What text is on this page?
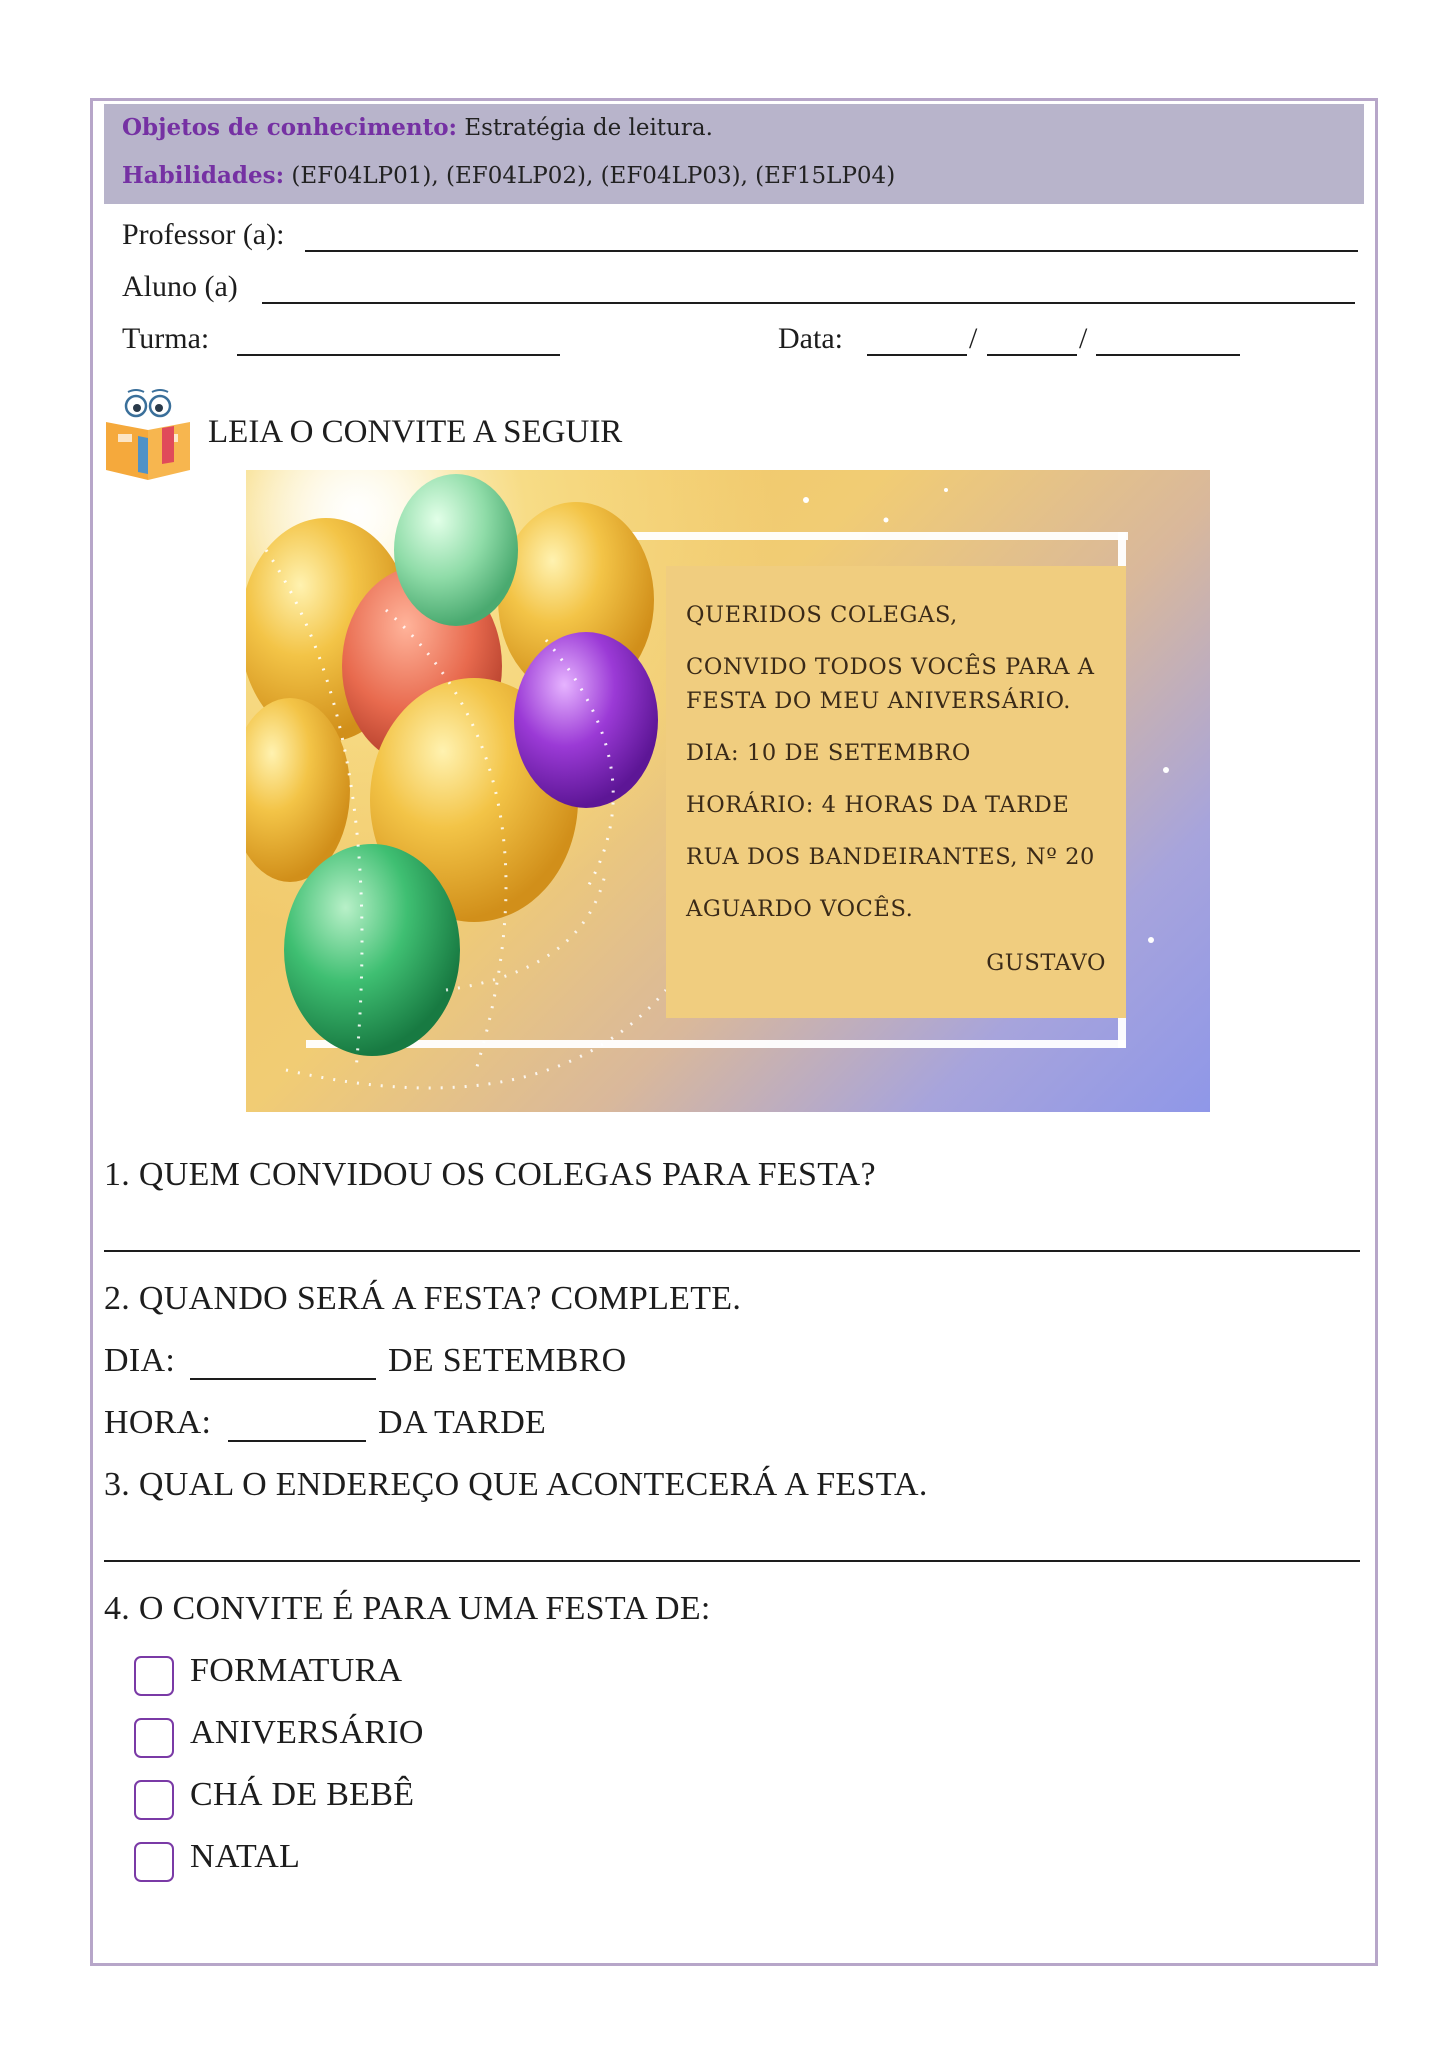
Objetos de conhecimento: Estratégia de leitura.
Habilidades: (EF04LP01), (EF04LP02), (EF04LP03), (EF15LP04)
Professor (a):
Aluno (a)
Turma:	Data:	/	/
LEIA O CONVITE A SEGUIR
QUERIDOS COLEGAS,
CONVIDO TODOS VOCÊS PARA A
FESTA DO MEU ANIVERSÁRIO.
DIA: 10 DE SETEMBRO
HORÁRIO: 4 HORAS DA TARDE
RUA DOS BANDEIRANTES, Nº 20
AGUARDO VOCÊS.
GUSTAVO
1. QUEM CONVIDOU OS COLEGAS PARA FESTA?
2. QUANDO SERÁ A FESTA? COMPLETE.
DIA:	DE SETEMBRO
HORA:	DA TARDE
3. QUAL O ENDEREÇO QUE ACONTECERÁ A FESTA.
4. O CONVITE É PARA UMA FESTA DE:
FORMATURA
ANIVERSÁRIO
CHÁ DE BEBÊ
NATAL
